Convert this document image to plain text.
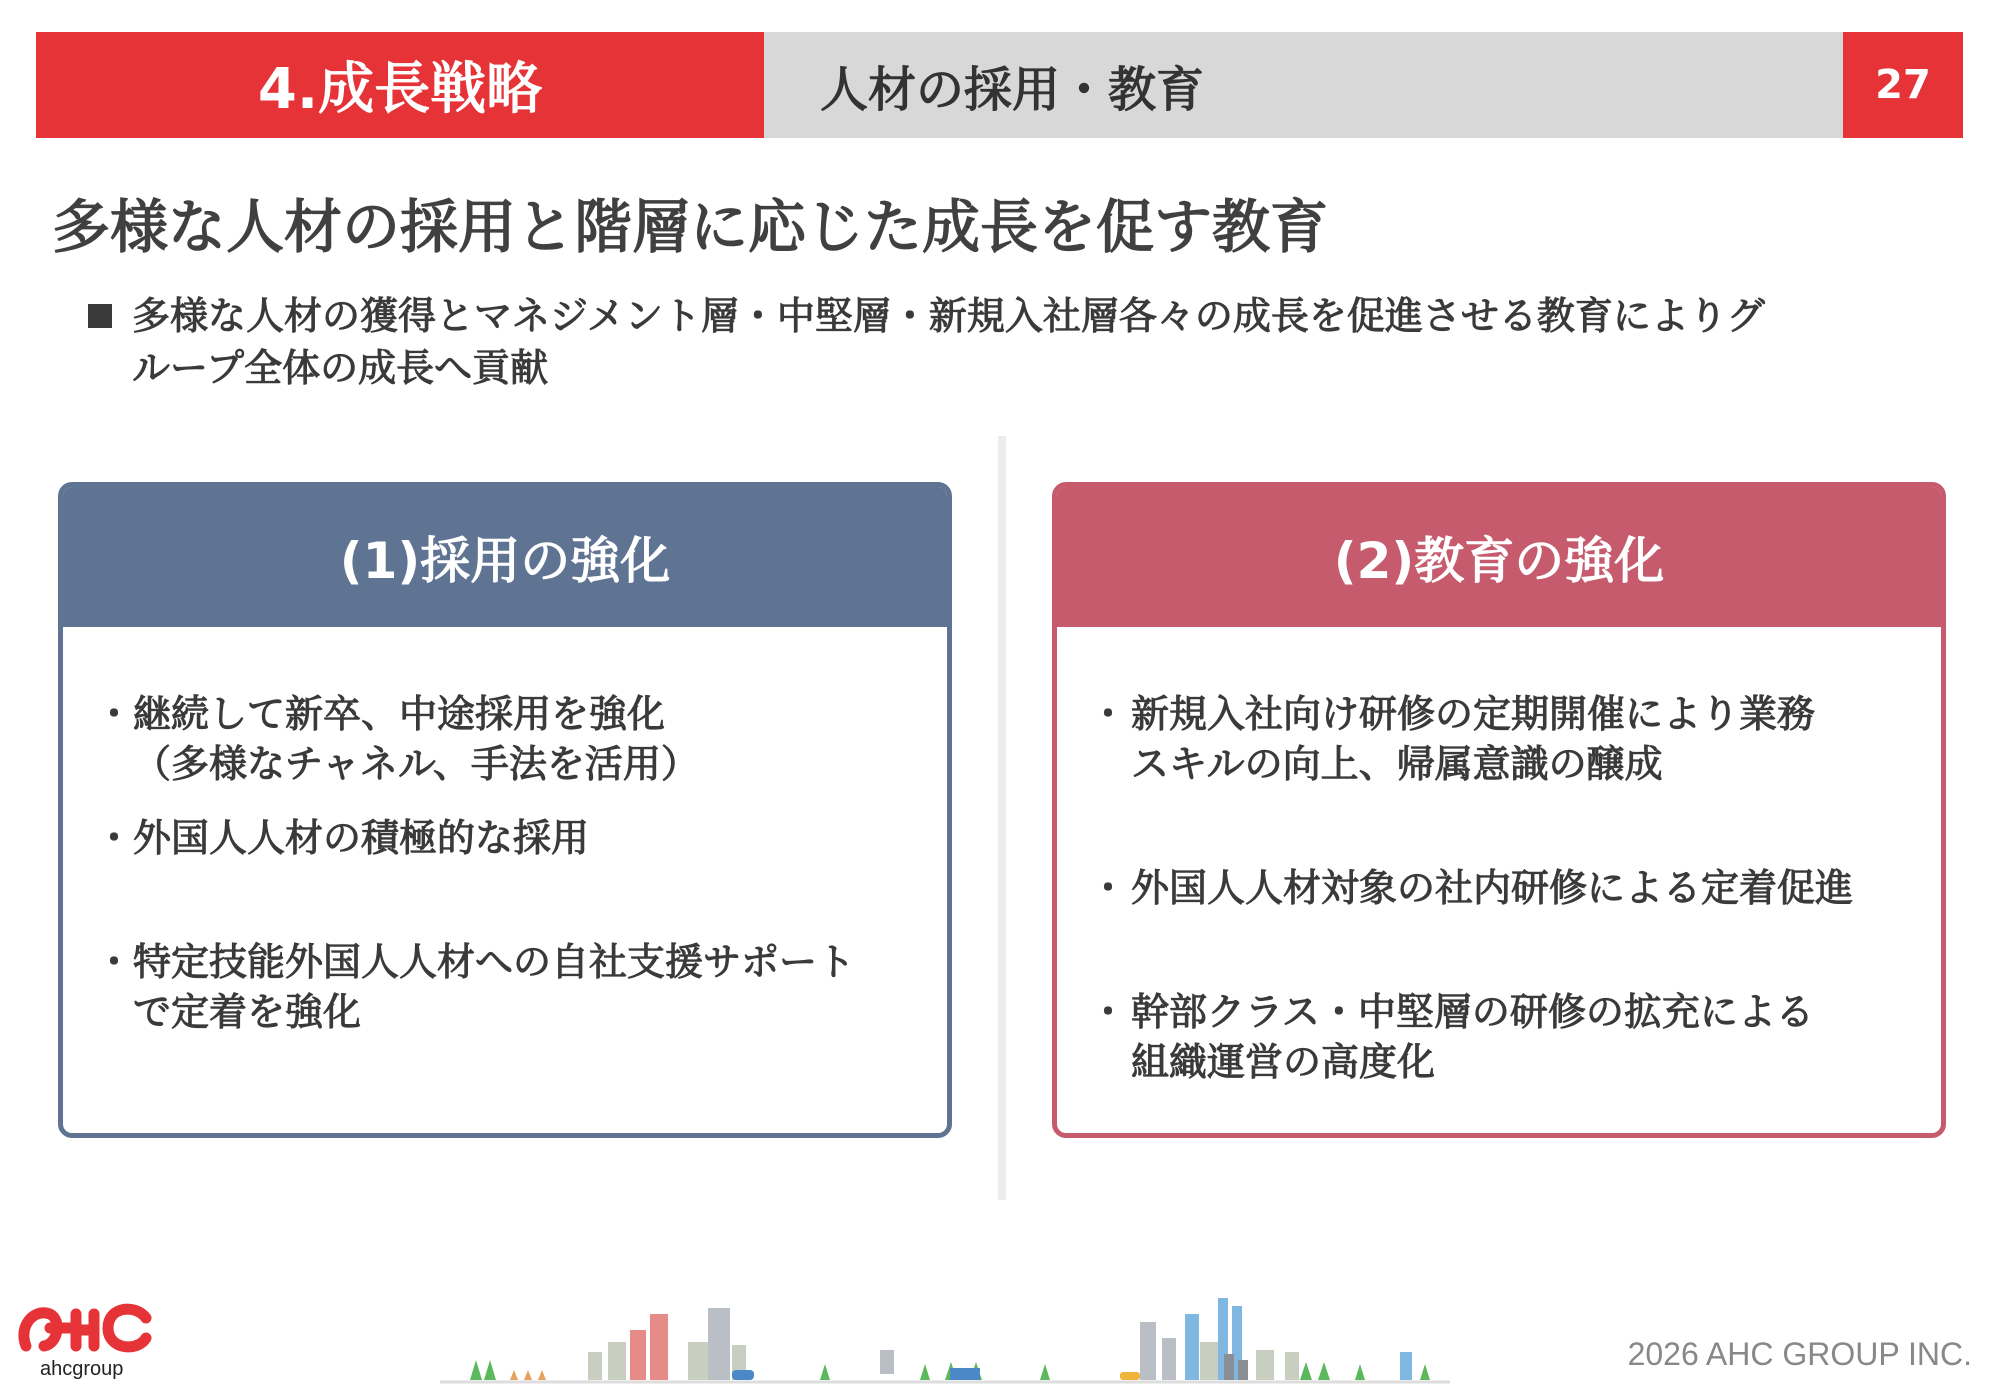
4.成長戦略	人材の採用・教育	27
多様な人材の採用と階層に応じた成長を促す教育
多様な人材の獲得とマネジメント層・中堅層・新規入社層各々の成長を促進させる教育によりグ
ループ全体の成長へ貢献
(1)採用の強化
・ 継続して新卒、中途採用を強化
（多様なチャネル、手法を活用）
・ 外国人人材の積極的な採用
・ 特定技能外国人人材への自社支援サポート
で定着を強化
(2)教育の強化
・ 新規入社向け研修の定期開催により業務
スキルの向上、帰属意識の醸成
・ 外国人人材対象の社内研修による定着促進
・ 幹部クラス・中堅層の研修の拡充による
組織運営の高度化
ahcgroup	2026 AHC GROUP INC.
